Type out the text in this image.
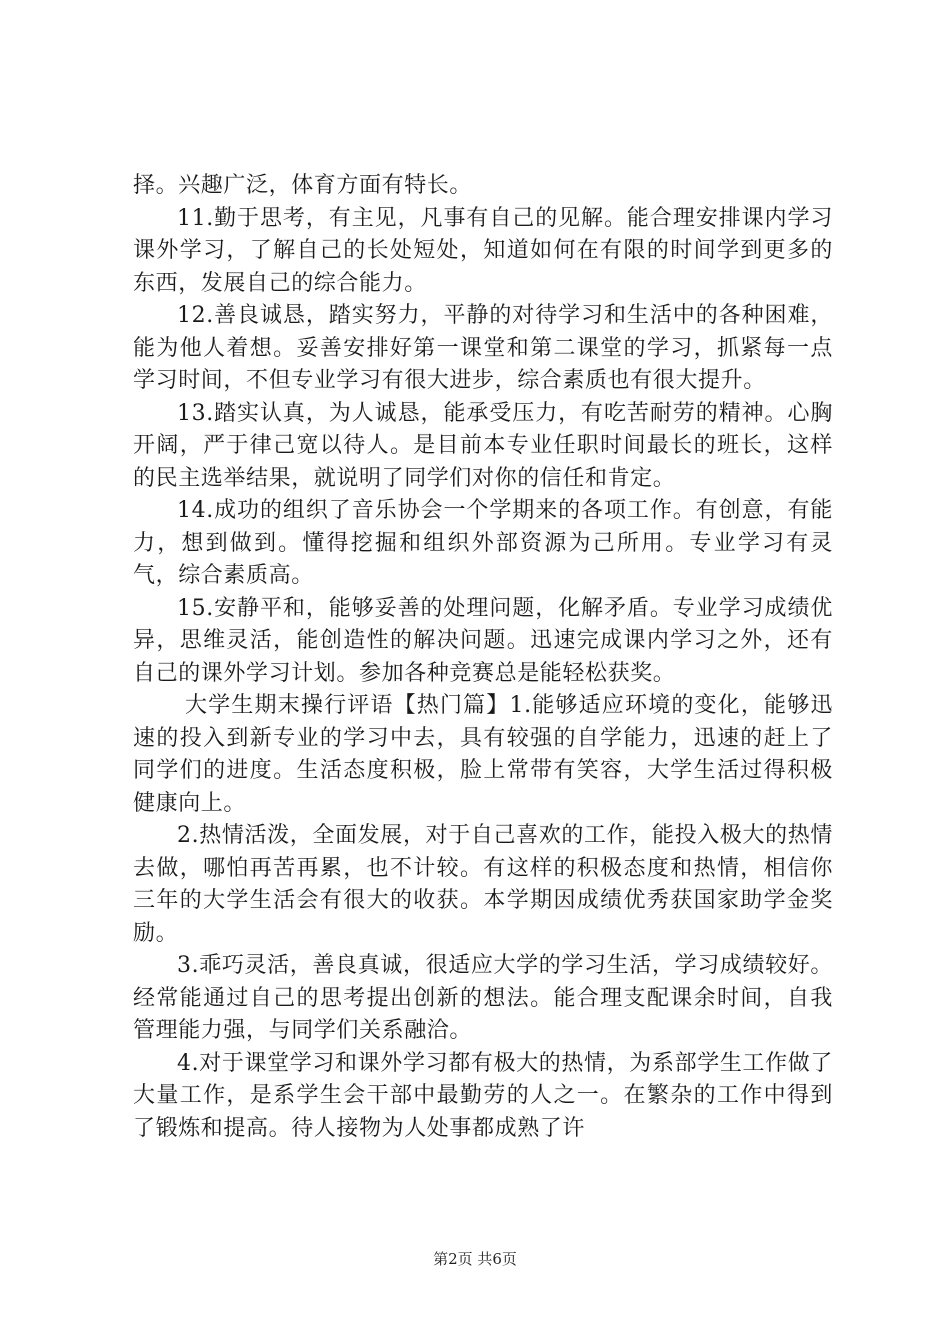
择。兴趣广泛，体育方面有特长。

11.勤于思考，有主见，凡事有自己的见解。能合理安排课内学习课外学习，了解自己的长处短处，知道如何在有限的时间学到更多的东西，发展自己的综合能力。

12.善良诚恳，踏实努力，平静的对待学习和生活中的各种困难，能为他人着想。妥善安排好第一课堂和第二课堂的学习，抓紧每一点学习时间，不但专业学习有很大进步，综合素质也有很大提升。

13.踏实认真，为人诚恳，能承受压力，有吃苦耐劳的精神。心胸开阔，严于律己宽以待人。是目前本专业任职时间最长的班长，这样的民主选举结果，就说明了同学们对你的信任和肯定。

14.成功的组织了音乐协会一个学期来的各项工作。有创意，有能力，想到做到。懂得挖掘和组织外部资源为己所用。专业学习有灵气，综合素质高。

15.安静平和，能够妥善的处理问题，化解矛盾。专业学习成绩优异，思维灵活，能创造性的解决问题。迅速完成课内学习之外，还有自己的课外学习计划。参加各种竞赛总是能轻松获奖。

大学生期末操行评语【热门篇】1.能够适应环境的变化，能够迅速的投入到新专业的学习中去，具有较强的自学能力，迅速的赶上了同学们的进度。生活态度积极，脸上常带有笑容，大学生活过得积极健康向上。

2.热情活泼，全面发展，对于自己喜欢的工作，能投入极大的热情去做，哪怕再苦再累，也不计较。有这样的积极态度和热情，相信你三年的大学生活会有很大的收获。本学期因成绩优秀获国家助学金奖励。

3.乖巧灵活，善良真诚，很适应大学的学习生活，学习成绩较好。经常能通过自己的思考提出创新的想法。能合理支配课余时间，自我管理能力强，与同学们关系融洽。

4.对于课堂学习和课外学习都有极大的热情，为系部学生工作做了大量工作，是系学生会干部中最勤劳的人之一。在繁杂的工作中得到了锻炼和提高。待人接物为人处事都成熟了许

第2页 共6页
